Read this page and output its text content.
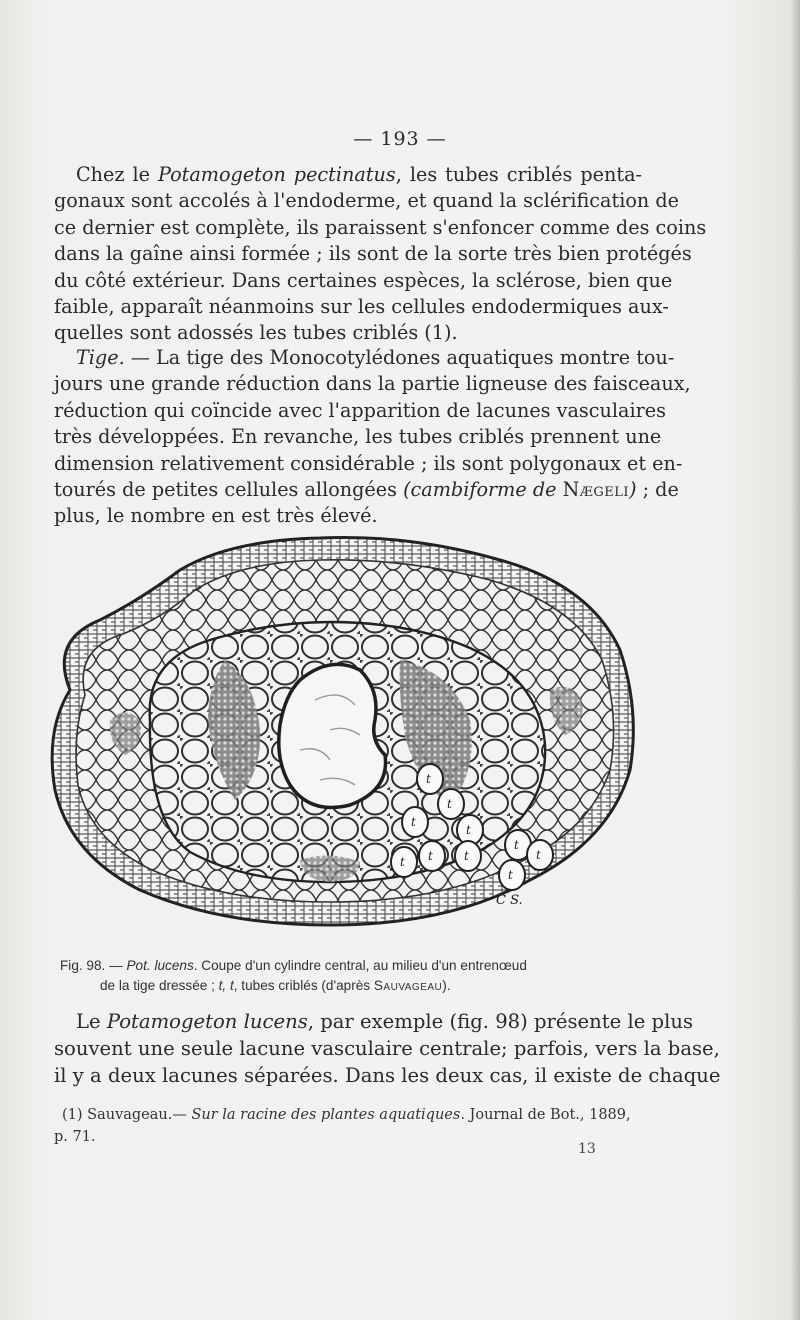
— 193 —
Chez le Potamogeton pectinatus, les tubes criblés penta-
gonaux sont accolés à l'endoderme, et quand la sclérification de
ce dernier est complète, ils paraissent s'enfoncer comme des coins
dans la gaîne ainsi formée ; ils sont de la sorte très bien protégés
du côté extérieur. Dans certaines espèces, la sclérose, bien que
faible, apparaît néanmoins sur les cellules endodermiques aux-
quelles sont adossés les tubes criblés (1).
Tige. — La tige des Monocotylédones aquatiques montre tou-
jours une grande réduction dans la partie ligneuse des faisceaux,
réduction qui coïncide avec l'apparition de lacunes vasculaires
très développées. En revanche, les tubes criblés prennent une
dimension relativement considérable ; ils sont polygonaux et en-
tourés de petites cellules allongées (cambiforme de Nægeli) ; de
plus, le nombre en est très élevé.
t
t
t
t
t
t	t
t
t
t
C S.
Fig. 98. — Pot. lucens. Coupe d'un cylindre central, au milieu d'un entrenœud
de la tige dressée ; t, t, tubes criblés (d'après Sauvageau).
Le Potamogeton lucens, par exemple (fig. 98) présente le plus
souvent une seule lacune vasculaire centrale; parfois, vers la base,
il y a deux lacunes séparées. Dans les deux cas, il existe de chaque
(1) Sauvageau.— Sur la racine des plantes aquatiques. Journal de Bot., 1889,
p. 71.
13
